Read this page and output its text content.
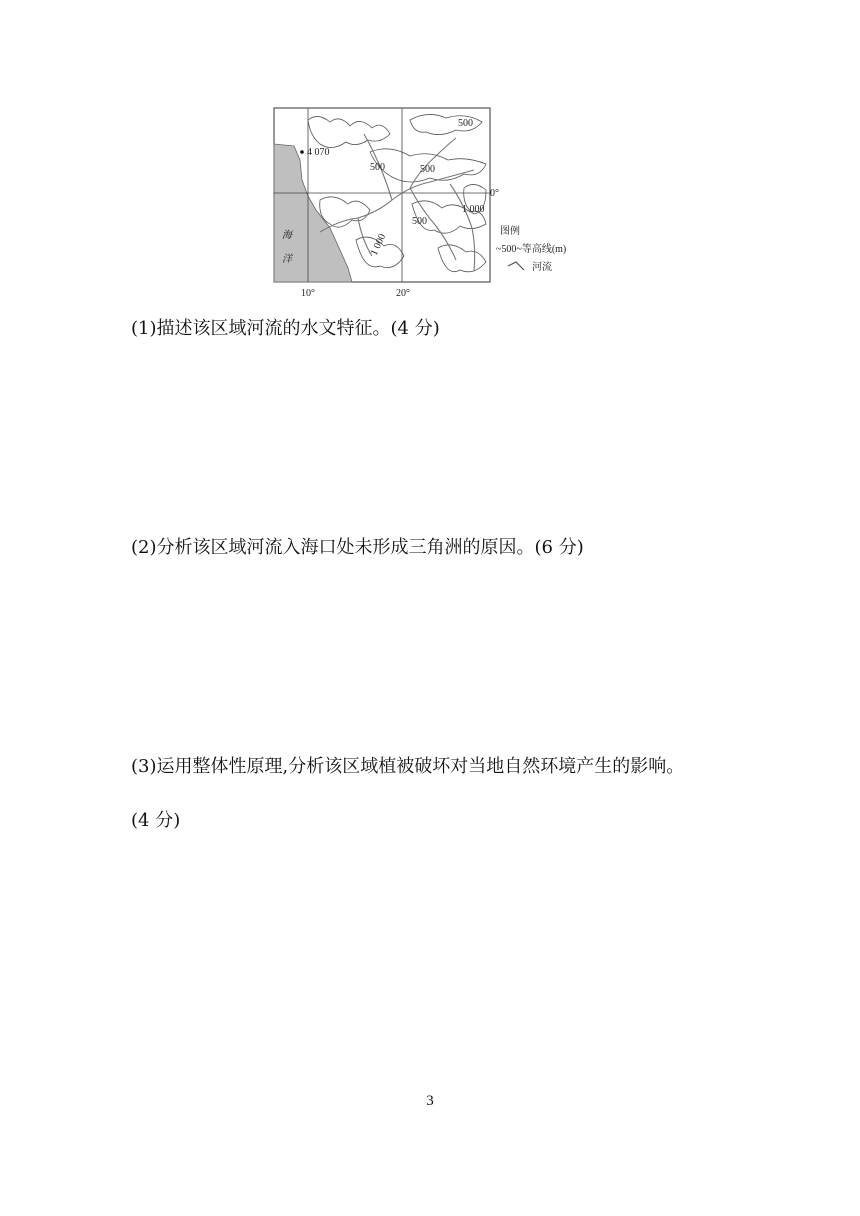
4 070
500
500	500
500
1 000
1 000
0°
10°	20°
海
洋
图例
~500~等高线(m)
河流
(1)描述该区域河流的水文特征。(4 分)
(2)分析该区域河流入海口处未形成三角洲的原因。(6 分)
(3)运用整体性原理,分析该区域植被破坏对当地自然环境产生的影响。
(4 分)
3
